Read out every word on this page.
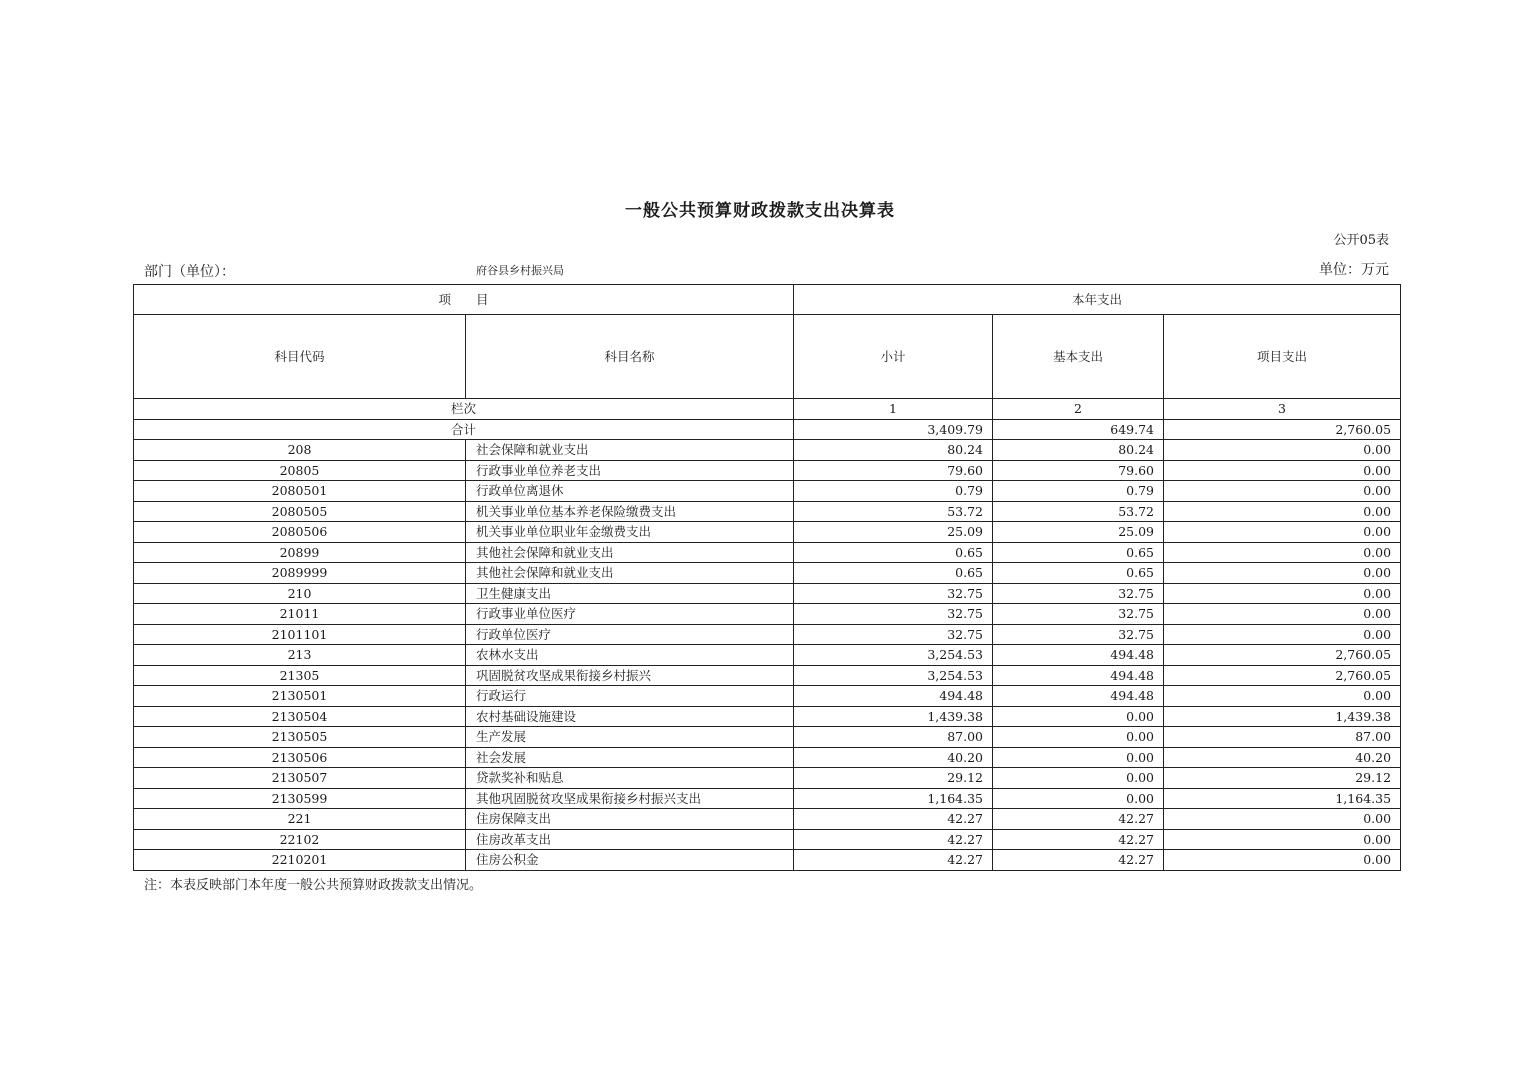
一般公共预算财政拨款支出决算表
公开05表
部门（单位）：	府谷县乡村振兴局	单位：万元
项　　目		本年支出		
科目代码	科目名称	小计	基本支出	项目支出
栏次		1	2	3
合计		3,409.79	649.74	2,760.05
208	社会保障和就业支出	80.24	80.24	0.00
20805	行政事业单位养老支出	79.60	79.60	0.00
2080501	行政单位离退休	0.79	0.79	0.00
2080505	机关事业单位基本养老保险缴费支出	53.72	53.72	0.00
2080506	机关事业单位职业年金缴费支出	25.09	25.09	0.00
20899	其他社会保障和就业支出	0.65	0.65	0.00
2089999	其他社会保障和就业支出	0.65	0.65	0.00
210	卫生健康支出	32.75	32.75	0.00
21011	行政事业单位医疗	32.75	32.75	0.00
2101101	行政单位医疗	32.75	32.75	0.00
213	农林水支出	3,254.53	494.48	2,760.05
21305	巩固脱贫攻坚成果衔接乡村振兴	3,254.53	494.48	2,760.05
2130501	行政运行	494.48	494.48	0.00
2130504	农村基础设施建设	1,439.38	0.00	1,439.38
2130505	生产发展	87.00	0.00	87.00
2130506	社会发展	40.20	0.00	40.20
2130507	贷款奖补和贴息	29.12	0.00	29.12
2130599	其他巩固脱贫攻坚成果衔接乡村振兴支出	1,164.35	0.00	1,164.35
221	住房保障支出	42.27	42.27	0.00
22102	住房改革支出	42.27	42.27	0.00
2210201	住房公积金	42.27	42.27	0.00
注：本表反映部门本年度一般公共预算财政拨款支出情况。
